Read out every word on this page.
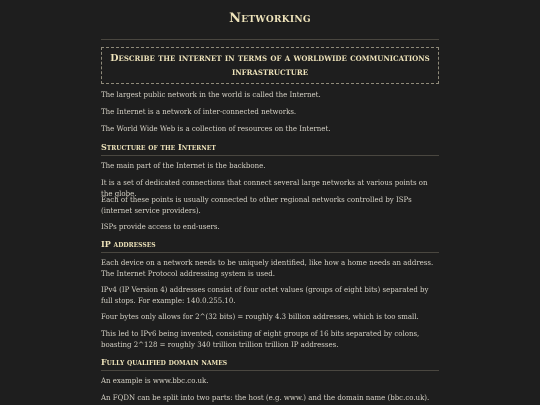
Networking
Describe the internet in terms of a worldwide communications infrastructure

The largest public network in the world is called the Internet.

The Internet is a network of inter-connected networks.

The World Wide Web is a collection of resources on the Internet.

Structure of the Internet

The main part of the Internet is the backbone.

It is a set of dedicated connections that connect several large networks at various points on the globe.

Each of these points is usually connected to other regional networks controlled by ISPs (internet service providers).

ISPs provide access to end-users.

IP addresses

Each device on a network needs to be uniquely identified, like how a home needs an address. The Internet Protocol addressing system is used.

IPv4 (IP Version 4) addresses consist of four octet values (groups of eight bits) separated by full stops. For example: 140.0.255.10.

Four bytes only allows for 2^(32 bits) = roughly 4.3 billion addresses, which is too small.

This led to IPv6 being invented, consisting of eight groups of 16 bits separated by colons, boasting 2^128 = roughly 340 trillion trillion trillion IP addresses.

Fully qualified domain names

An example is www.bbc.co.uk.

An FQDN can be split into two parts: the host (e.g. www.) and the domain name (bbc.co.uk).
